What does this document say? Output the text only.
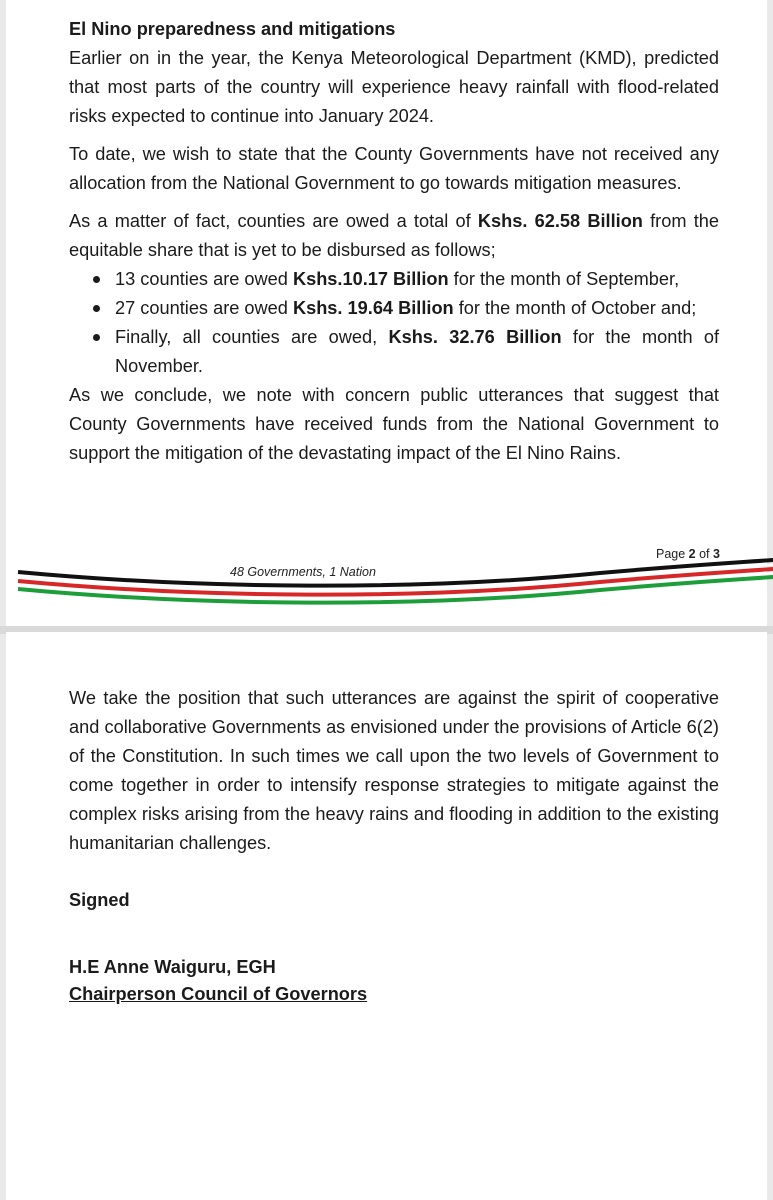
El Nino preparedness and mitigations

Earlier on in the year, the Kenya Meteorological Department (KMD), predicted that most parts of the country will experience heavy rainfall with flood-related risks expected to continue into January 2024.

To date, we wish to state that the County Governments have not received any allocation from the National Government to go towards mitigation measures.

As a matter of fact, counties are owed a total of Kshs. 62.58 Billion from the equitable share that is yet to be disbursed as follows;

13 counties are owed Kshs.10.17 Billion for the month of September,
27 counties are owed Kshs. 19.64 Billion for the month of October and;
Finally, all counties are owed, Kshs. 32.76 Billion for the month of November.

As we conclude, we note with concern public utterances that suggest that County Governments have received funds from the National Government to support the mitigation of the devastating impact of the El Nino Rains.

Page 2 of 3
48 Governments, 1 Nation

We take the position that such utterances are against the spirit of cooperative and collaborative Governments as envisioned under the provisions of Article 6(2) of the Constitution. In such times we call upon the two levels of Government to come together in order to intensify response strategies to mitigate against the complex risks arising from the heavy rains and flooding in addition to the existing humanitarian challenges.

Signed

H.E Anne Waiguru, EGH

Chairperson Council of Governors
